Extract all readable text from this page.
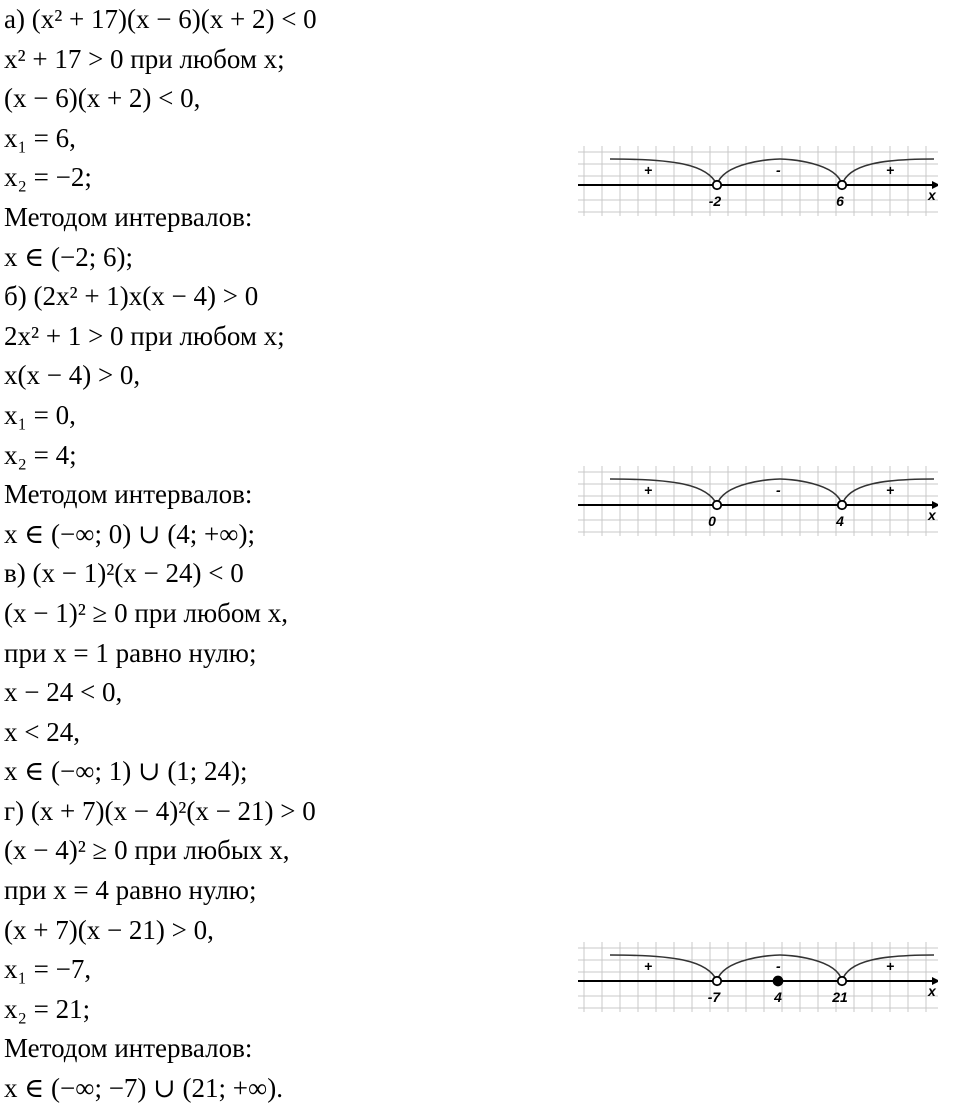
а) (x² + 17)(x − 6)(x + 2) < 0
x² + 17 > 0 при любом x;
(x − 6)(x + 2) < 0,
x₁ = 6,
x₂ = −2;
Методом интервалов:
x ∈ (−2; 6);
б) (2x² + 1)x(x − 4) > 0
2x² + 1 > 0 при любом x;
x(x − 4) > 0,
x₁ = 0,
x₂ = 4;
Методом интервалов:
x ∈ (−∞; 0) ∪ (4; +∞);
в) (x − 1)²(x − 24) < 0
(x − 1)² ≥ 0 при любом x,
при x = 1 равно нулю;
x − 24 < 0,
x < 24,
x ∈ (−∞; 1) ∪ (1; 24);
г) (x + 7)(x − 4)²(x − 21) > 0
(x − 4)² ≥ 0 при любых x,
при x = 4 равно нулю;
(x + 7)(x − 21) > 0,
x₁ = −7,
x₂ = 21;
Методом интервалов:
x ∈ (−∞; −7) ∪ (21; +∞).
+	-	+
-2	6	x
+	-	+
0	4	x
+	-	+
-7	4	21	x
